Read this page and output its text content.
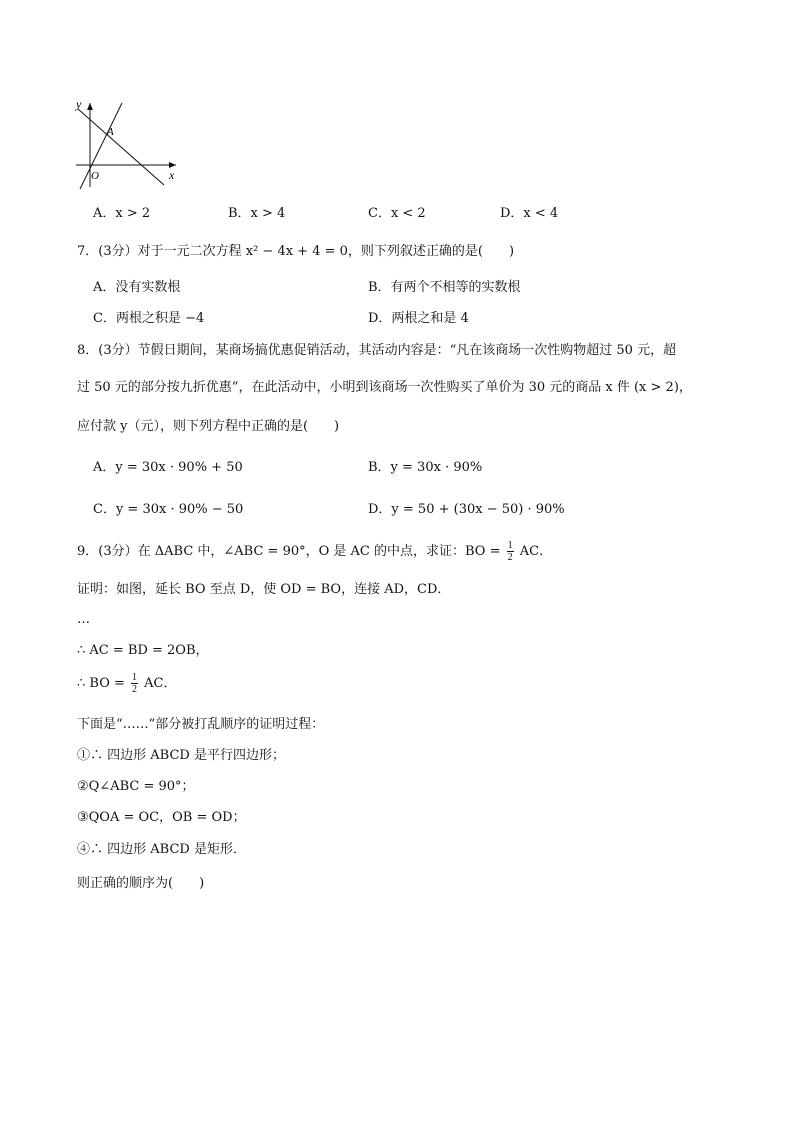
y
x
A
O
A．x > 2	B．x > 4	C．x < 2	D．x < 4
7．(3分）对于一元二次方程 x² − 4x + 4 = 0，则下列叙述正确的是(　　)
A．没有实数根	B．有两个不相等的实数根
C．两根之积是 −4	D．两根之和是 4
8．(3分）节假日期间，某商场搞优惠促销活动，其活动内容是：“凡在该商场一次性购物超过 50 元，超
过 50 元的部分按九折优惠”，在此活动中，小明到该商场一次性购买了单价为 30 元的商品 x 件 (x > 2)，
应付款 y（元），则下列方程中正确的是(　　)
A．y = 30x · 90% + 50	B．y = 30x · 90%
C．y = 30x · 90% − 50	D．y = 50 + (30x − 50) · 90%
9．(3分）在 ΔABC 中，∠ABC = 90°，O 是 AC 的中点，求证：BO = $\frac{1}{2}$ AC．
证明：如图，延长 BO 至点 D，使 OD = BO，连接 AD，CD．
…
∴ AC = BD = 2OB，
∴ BO = $\frac{1}{2}$ AC．
下面是“……”部分被打乱顺序的证明过程：
①∴ 四边形 ABCD 是平行四边形；
②Q∠ABC = 90°；
③QOA = OC，OB = OD；
④∴ 四边形 ABCD 是矩形．
则正确的顺序为(　　)
